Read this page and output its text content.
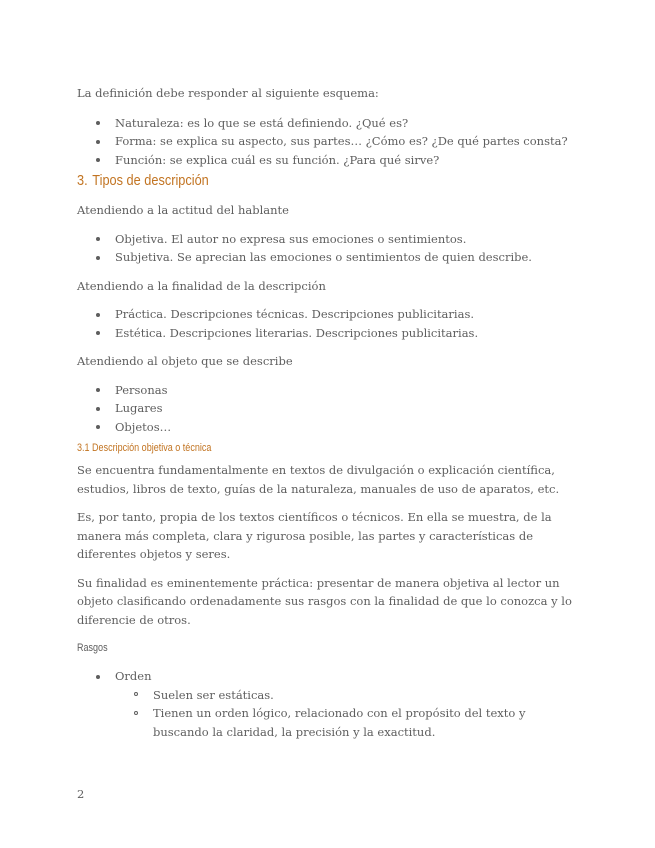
La definición debe responder al siguiente esquema:

Naturaleza: es lo que se está definiendo. ¿Qué es?
Forma: se explica su aspecto, sus partes… ¿Cómo es? ¿De qué partes consta?
Función: se explica cuál es su función. ¿Para qué sirve?
3. Tipos de descripción

Atendiendo a la actitud del hablante

Objetiva. El autor no expresa sus emociones o sentimientos.
Subjetiva. Se aprecian las emociones o sentimientos de quien describe.

Atendiendo a la finalidad de la descripción

Práctica. Descripciones técnicas. Descripciones publicitarias.
Estética. Descripciones literarias. Descripciones publicitarias.

Atendiendo al objeto que se describe

Personas
Lugares
Objetos…
3.1 Descripción objetiva o técnica

Se encuentra fundamentalmente en textos de divulgación o explicación científica, estudios, libros de texto, guías de la naturaleza, manuales de uso de aparatos, etc.

Es, por tanto, propia de los textos científicos o técnicos. En ella se muestra, de la manera más completa, clara y rigurosa posible, las partes y características de diferentes objetos y seres.

Su finalidad es eminentemente práctica: presentar de manera objetiva al lector un objeto clasificando ordenadamente sus rasgos con la finalidad de que lo conozca y lo diferencie de otros.

Rasgos
Orden
Suelen ser estáticas.
Tienen un orden lógico, relacionado con el propósito del texto y buscando la claridad, la precisión y la exactitud.
2
